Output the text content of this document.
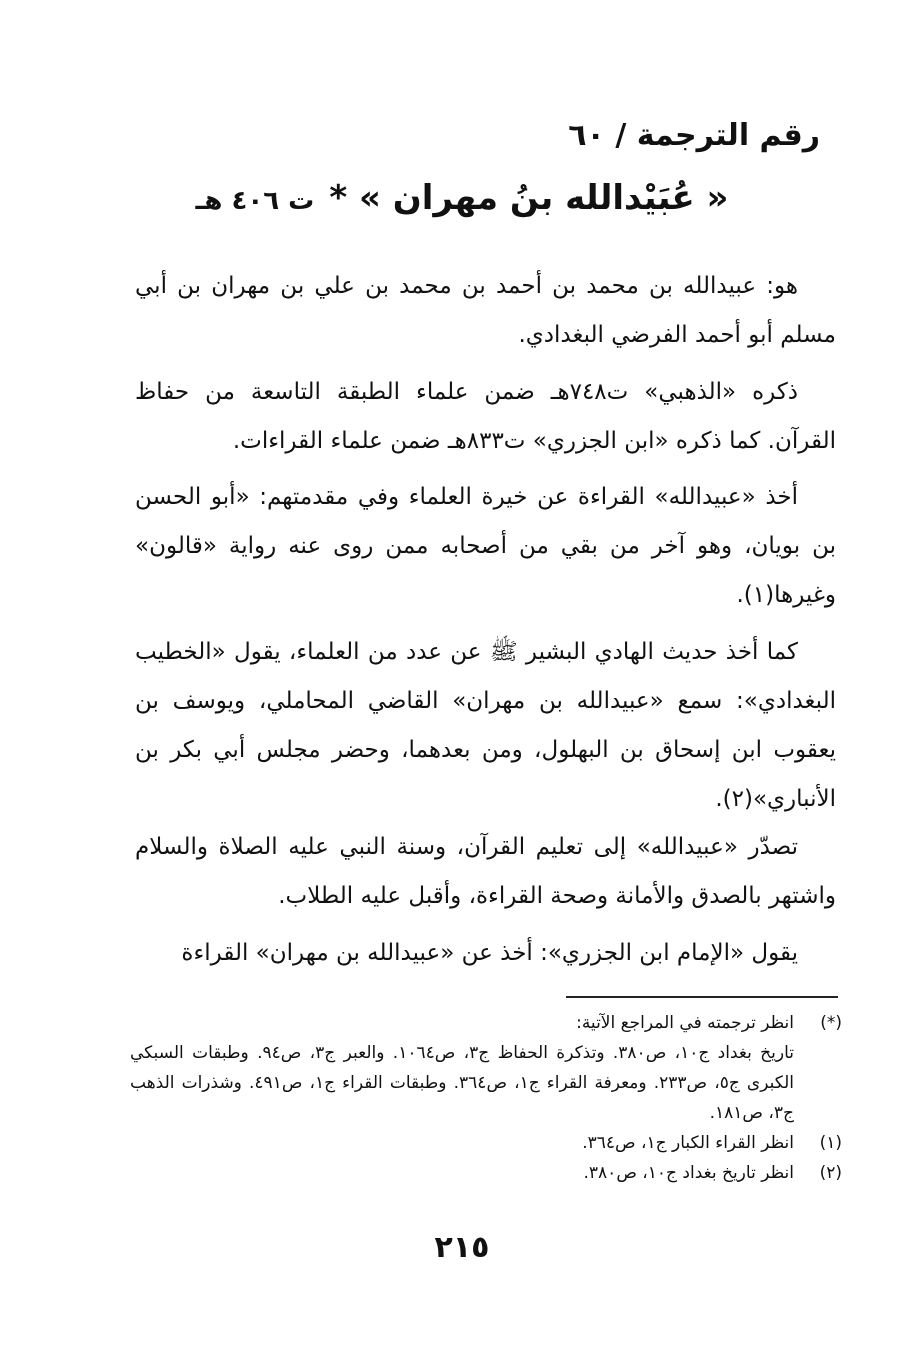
رقم الترجمة / ٦٠
« عُبَيْدالله بنُ مهران » * ت ٤٠٦ هـ

هو: عبيدالله بن محمد بن أحمد بن محمد بن علي بن مهران بن أبي مسلم أبو أحمد الفرضي البغدادي.

ذكره «الذهبي» ت٧٤٨هـ ضمن علماء الطبقة التاسعة من حفاظ القرآن. كما ذكره «ابن الجزري» ت٨٣٣هـ ضمن علماء القراءات.

أخذ «عبيدالله» القراءة عن خيرة العلماء وفي مقدمتهم: «أبو الحسن بن بويان، وهو آخر من بقي من أصحابه ممن روى عنه رواية «قالون» وغيرها(١).

كما أخذ حديث الهادي البشير ﷺ عن عدد من العلماء، يقول «الخطيب البغدادي»: سمع «عبيدالله بن مهران» القاضي المحاملي، ويوسف بن يعقوب ابن إسحاق بن البهلول، ومن بعدهما، وحضر مجلس أبي بكر بن الأنباري»(٢).

تصدّر «عبيدالله» إلى تعليم القرآن، وسنة النبي عليه الصلاة والسلام واشتهر بالصدق والأمانة وصحة القراءة، وأقبل عليه الطلاب.

يقول «الإمام ابن الجزري»: أخذ عن «عبيدالله بن مهران» القراءة

(*)

انظر ترجمته في المراجع الآتية:

تاريخ بغداد ج١٠، ص٣٨٠. وتذكرة الحفاظ ج٣، ص١٠٦٤. والعبر ج٣، ص٩٤. وطبقات السبكي الكبرى ج٥، ص٢٣٣. ومعرفة القراء ج١، ص٣٦٤. وطبقات القراء ج١، ص٤٩١. وشذرات الذهب ج٣، ص١٨١.

(١)

انظر القراء الكبار ج١، ص٣٦٤.

(٢)

انظر تاريخ بغداد ج١٠، ص٣٨٠.

٢١٥
